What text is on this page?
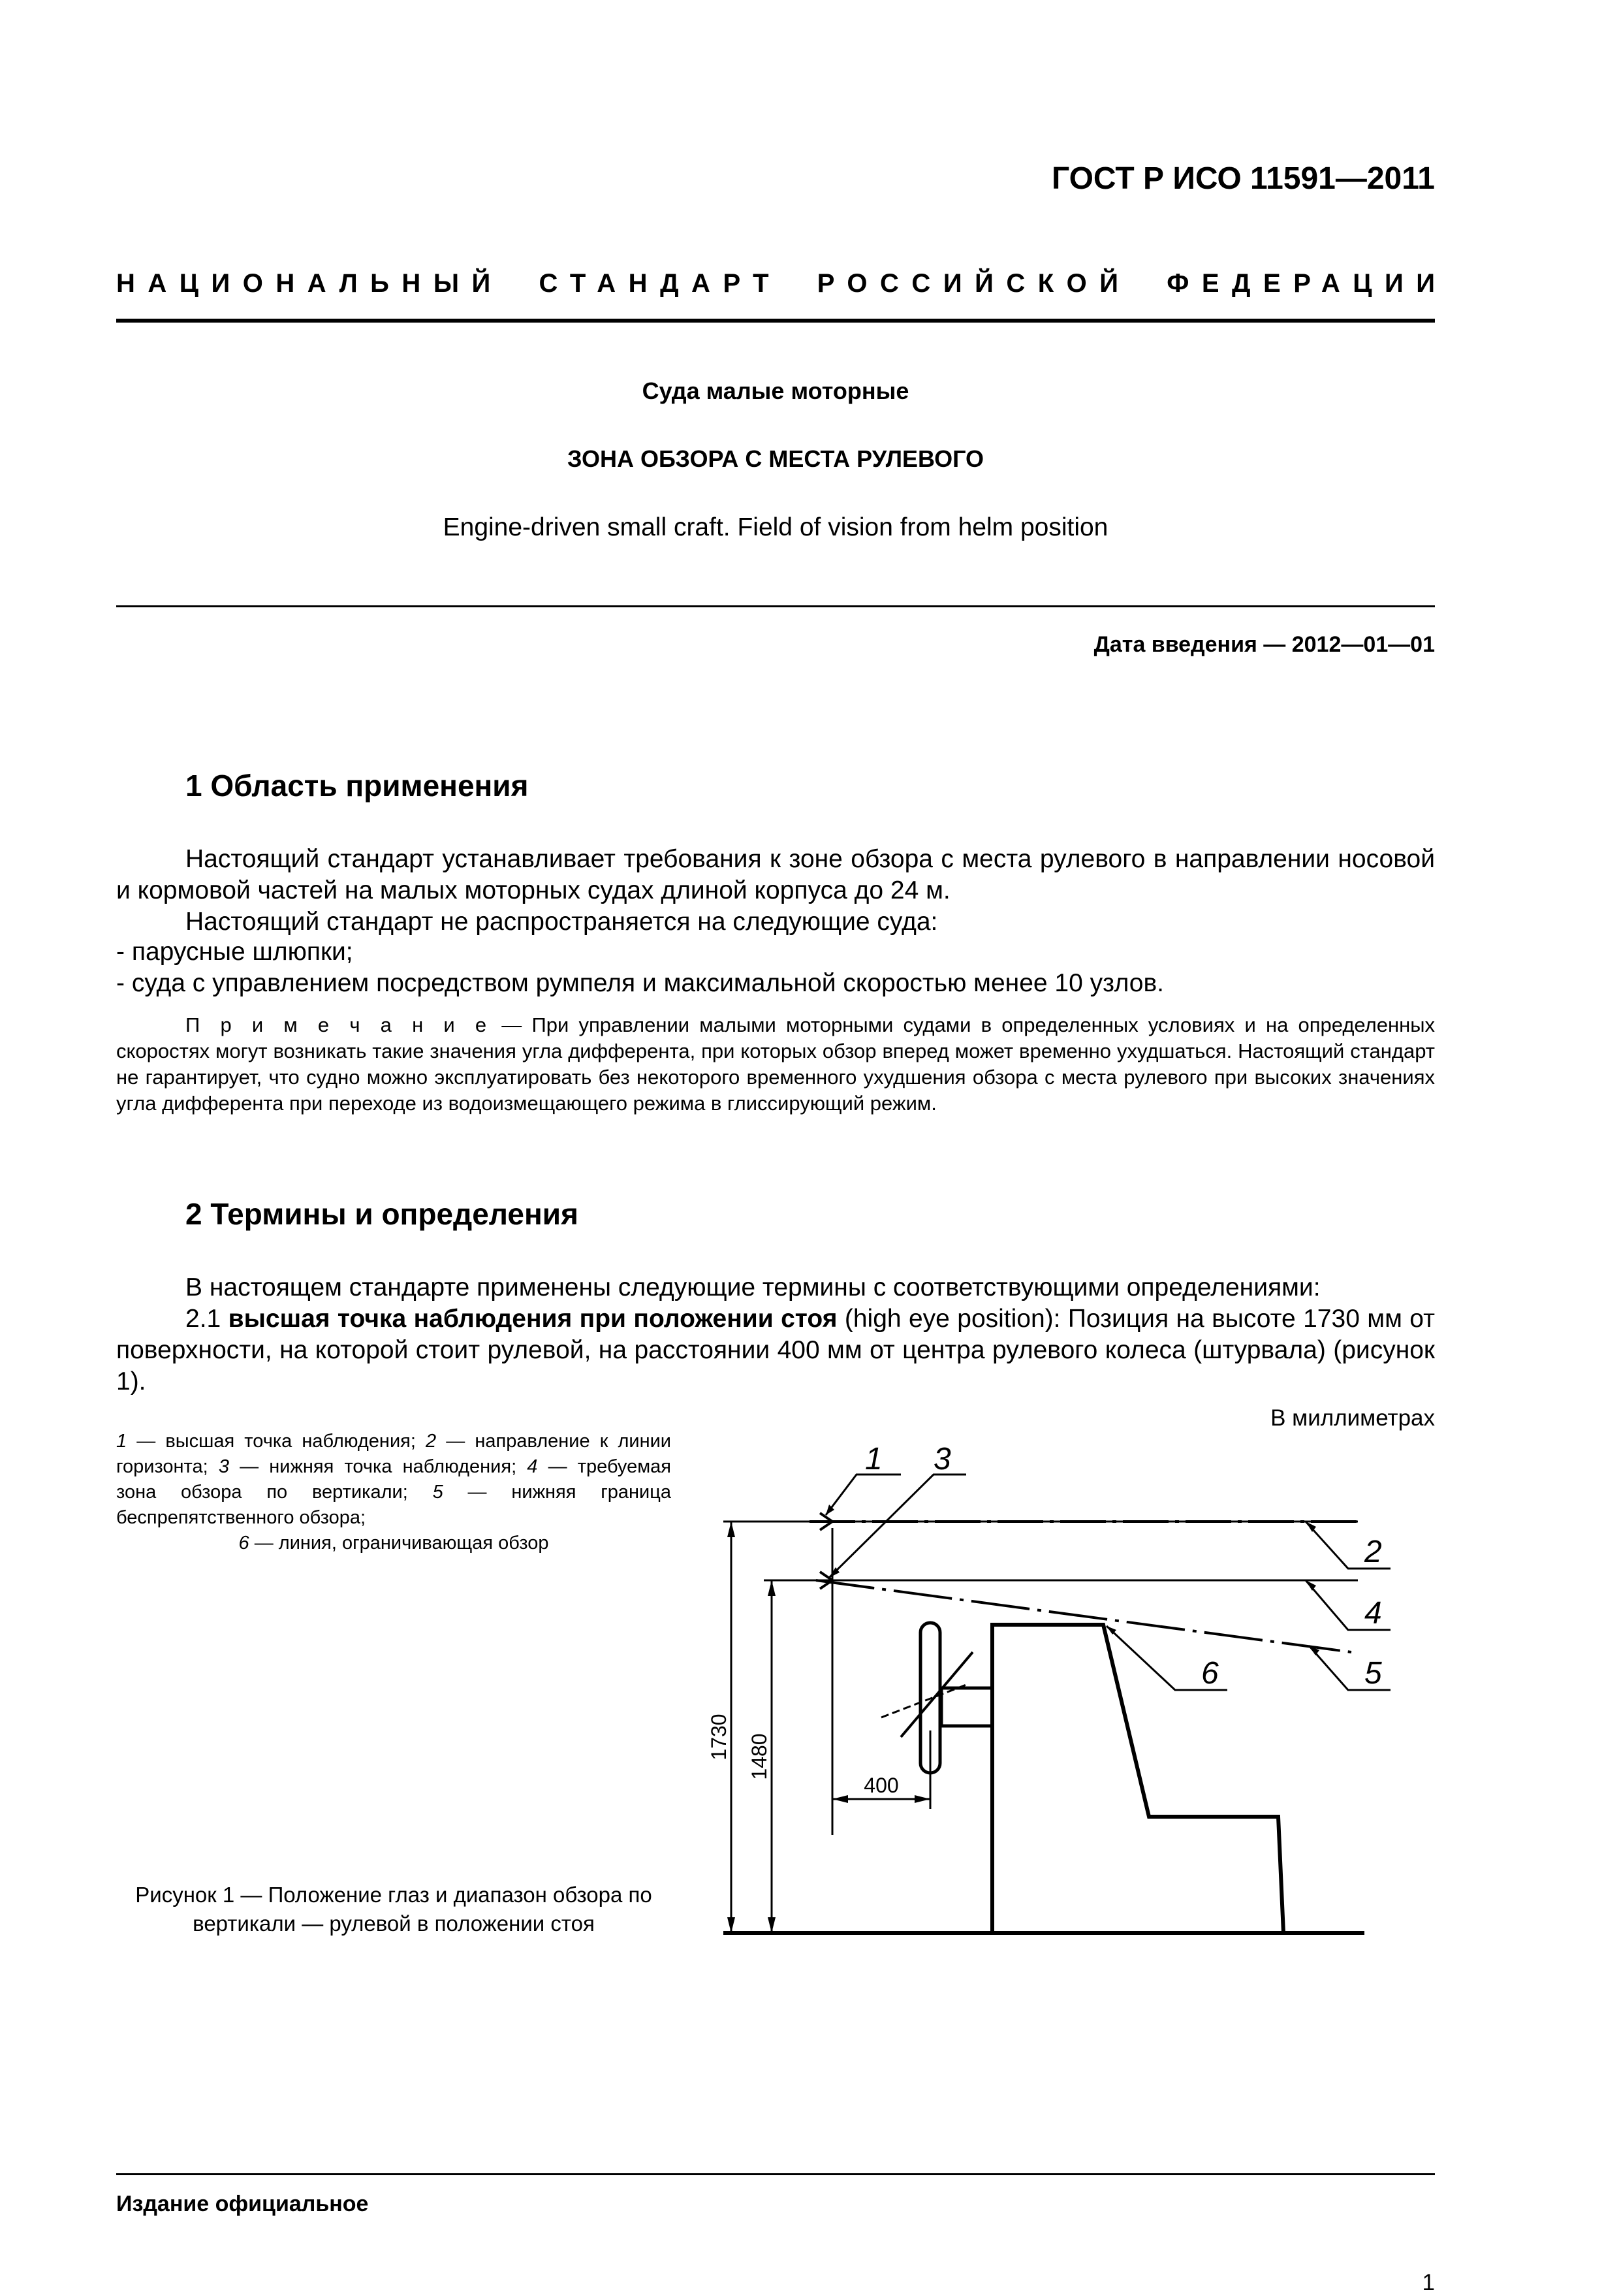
ГОСТ Р ИСО 11591—2011
НАЦИОНАЛЬНЫЙ СТАНДАРТ РОССИЙСКОЙ ФЕДЕРАЦИИ
Суда малые моторные
ЗОНА ОБЗОРА С МЕСТА РУЛЕВОГО
Engine-driven small craft. Field of vision from helm position
Дата введения — 2012—01—01
1 Область применения
Настоящий стандарт устанавливает требования к зоне обзора с места рулевого в направлении носовой и кормовой частей на малых моторных судах длиной корпуса до 24 м.
Настоящий стандарт не распространяется на следующие суда:
- парусные шлюпки;
- суда с управлением посредством румпеля и максимальной скоростью менее 10 узлов.
П р и м е ч а н и е — При управлении малыми моторными судами в определенных условиях и на определенных скоростях могут возникать такие значения угла дифферента, при которых обзор вперед может временно ухудшаться. Настоящий стандарт не гарантирует, что судно можно эксплуатировать без некоторого временного ухудшения обзора с места рулевого при высоких значениях угла дифферента при переходе из водоизмещающего режима в глиссирующий режим.
2 Термины и определения
В настоящем стандарте применены следующие термины с соответствующими определениями:
2.1 высшая точка наблюдения при положении стоя (high eye position): Позиция на высоте 1730 мм от поверхности, на которой стоит рулевой, на расстоянии 400 мм от центра рулевого колеса (штурвала) (рисунок 1).
В миллиметрах
1 — высшая точка наблюдения; 2 — направление к линии горизонта; 3 — нижняя точка наблюдения; 4 — требуемая зона обзора по вертикали; 5 — нижняя граница беспрепятственного обзора;
6 — линия, ограничивающая обзор
Рисунок 1 — Положение глаз и диапазон обзора по вертикали — рулевой в положении стоя
1730 1480
400
1 3
2
4
5
6
Издание официальное
1
